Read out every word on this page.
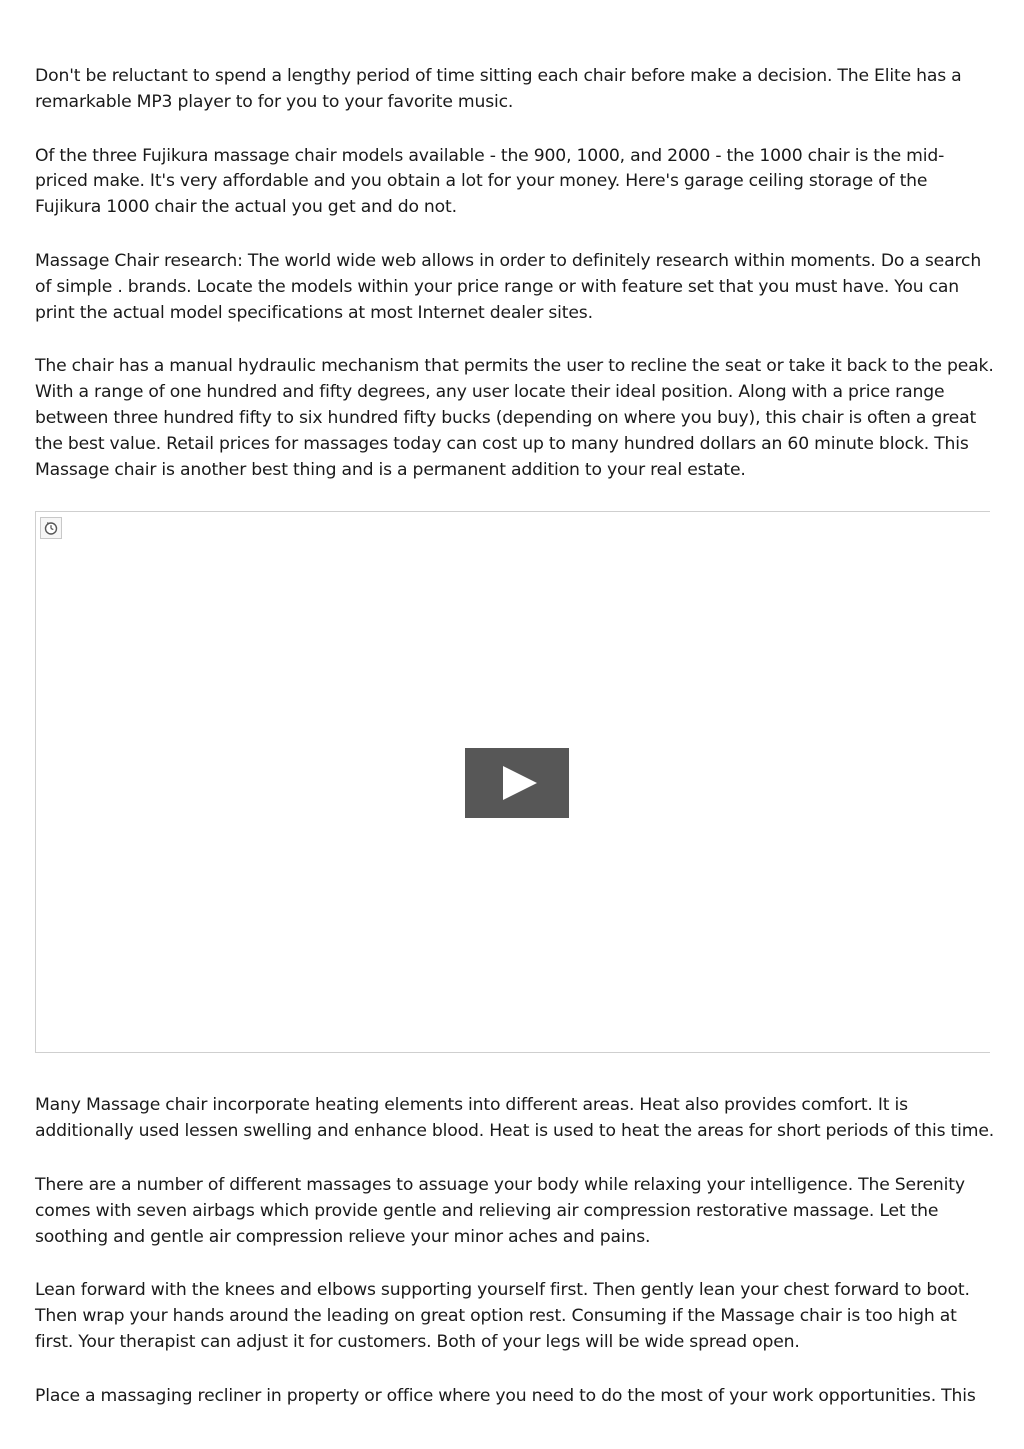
Don't be reluctant to spend a lengthy period of time sitting each chair before make a decision. The Elite has a remarkable MP3 player to for you to your favorite music.

Of the three Fujikura massage chair models available - the 900, 1000, and 2000 - the 1000 chair is the mid-priced make. It's very affordable and you obtain a lot for your money. Here's garage ceiling storage of the Fujikura 1000 chair the actual you get and do not.

Massage Chair research: The world wide web allows in order to definitely research within moments. Do a search of simple . brands. Locate the models within your price range or with feature set that you must have. You can print the actual model specifications at most Internet dealer sites.

The chair has a manual hydraulic mechanism that permits the user to recline the seat or take it back to the peak. With a range of one hundred and fifty degrees, any user locate their ideal position. Along with a price range between three hundred fifty to six hundred fifty bucks (depending on where you buy), this chair is often a great the best value. Retail prices for massages today can cost up to many hundred dollars an 60 minute block. This Massage chair is another best thing and is a permanent addition to your real estate.

Many Massage chair incorporate heating elements into different areas. Heat also provides comfort. It is additionally used lessen swelling and enhance blood. Heat is used to heat the areas for short periods of this time.

There are a number of different massages to assuage your body while relaxing your intelligence. The Serenity comes with seven airbags which provide gentle and relieving air compression restorative massage. Let the soothing and gentle air compression relieve your minor aches and pains.

Lean forward with the knees and elbows supporting yourself first. Then gently lean your chest forward to boot. Then wrap your hands around the leading on great option rest. Consuming if the Massage chair is too high at first. Your therapist can adjust it for customers. Both of your legs will be wide spread open.

Place a massaging recliner in property or office where you need to do the most of your work opportunities. This
